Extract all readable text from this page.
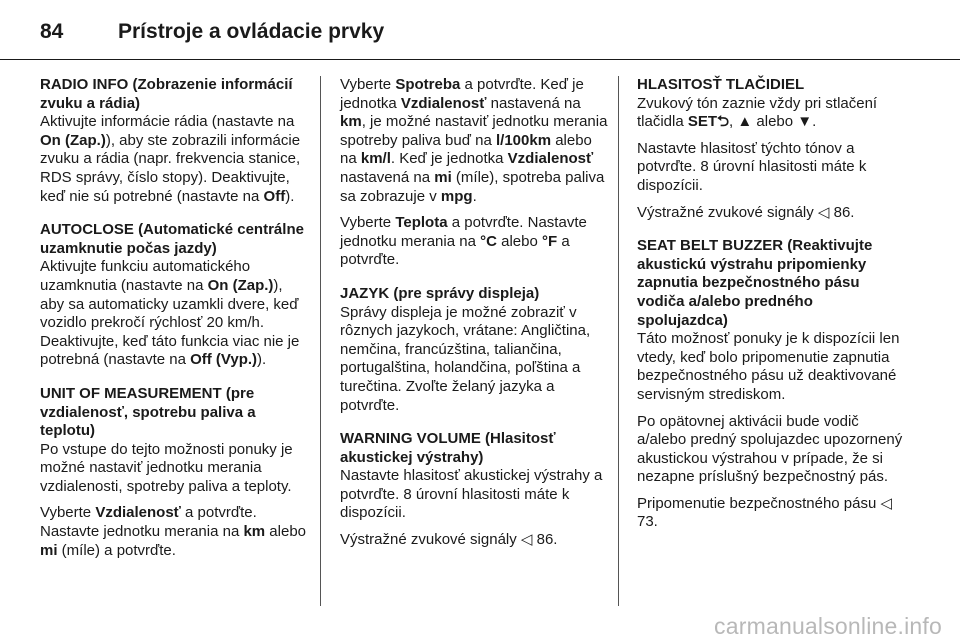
84	Prístroje a ovládacie prvky
RADIO INFO (Zobrazenie informácií zvuku a rádia)
Aktivujte informácie rádia (nastavte na On (Zap.)), aby ste zobrazili informácie zvuku a rádia (napr. frekvencia stanice, RDS správy, číslo stopy). Deaktivujte, keď nie sú potrebné (nastavte na Off).
AUTOCLOSE (Automatické centrálne uzamknutie počas jazdy)
Aktivujte funkciu automatického uzamknutia (nastavte na On (Zap.)), aby sa automaticky uzamkli dvere, keď vozidlo prekročí rýchlosť 20 km/h. Deaktivujte, keď táto funkcia viac nie je potrebná (nastavte na Off (Vyp.)).
UNIT OF MEASUREMENT (pre vzdialenosť, spotrebu paliva a teplotu)

Po vstupe do tejto možnosti ponuky je možné nastaviť jednotku merania vzdialenosti, spotreby paliva a teploty.

Vyberte Vzdialenosť a potvrďte. Nastavte jednotku merania na km alebo mi (míle) a potvrďte.

Vyberte Spotreba a potvrďte. Keď je jednotka Vzdialenosť nastavená na km, je možné nastaviť jednotku merania spotreby paliva buď na l/100km alebo na km/l. Keď je jednotka Vzdialenosť nastavená na mi (míle), spotreba paliva sa zobrazuje v mpg.

Vyberte Teplota a potvrďte. Nastavte jednotku merania na °C alebo °F a potvrďte.
JAZYK (pre správy displeja)
Správy displeja je možné zobraziť v rôznych jazykoch, vrátane: Angličtina, nemčina, francúzština, taliančina, portugalština, holandčina, poľština a turečtina. Zvoľte želaný jazyka a potvrďte.
WARNING VOLUME (Hlasitosť akustickej výstrahy)

Nastavte hlasitosť akustickej výstrahy a potvrďte. 8 úrovní hlasitosti máte k dispozícii.

Výstražné zvukové signály ◁ 86.

HLASITOSŤ TLAČIDIEL

Zvukový tón zaznie vždy pri stlačení tlačidla SET⮌, ▲ alebo ▼.

Nastavte hlasitosť týchto tónov a potvrďte. 8 úrovní hlasitosti máte k dispozícii.

Výstražné zvukové signály ◁ 86.

SEAT BELT BUZZER (Reaktivujte akustickú výstrahu pripomienky zapnutia bezpečnostného pásu vodiča a/alebo predného spolujazdca)

Táto možnosť ponuky je k dispozícii len vtedy, keď bolo pripomenutie zapnutia bezpečnostného pásu už deaktivované servisným strediskom.

Po opätovnej aktivácii bude vodič a/alebo predný spolujazdec upozornený akustickou výstrahou v prípade, že si nezapne príslušný bezpečnostný pás.

Pripomenutie bezpečnostného pásu ◁ 73.

carmanualsonline.info
